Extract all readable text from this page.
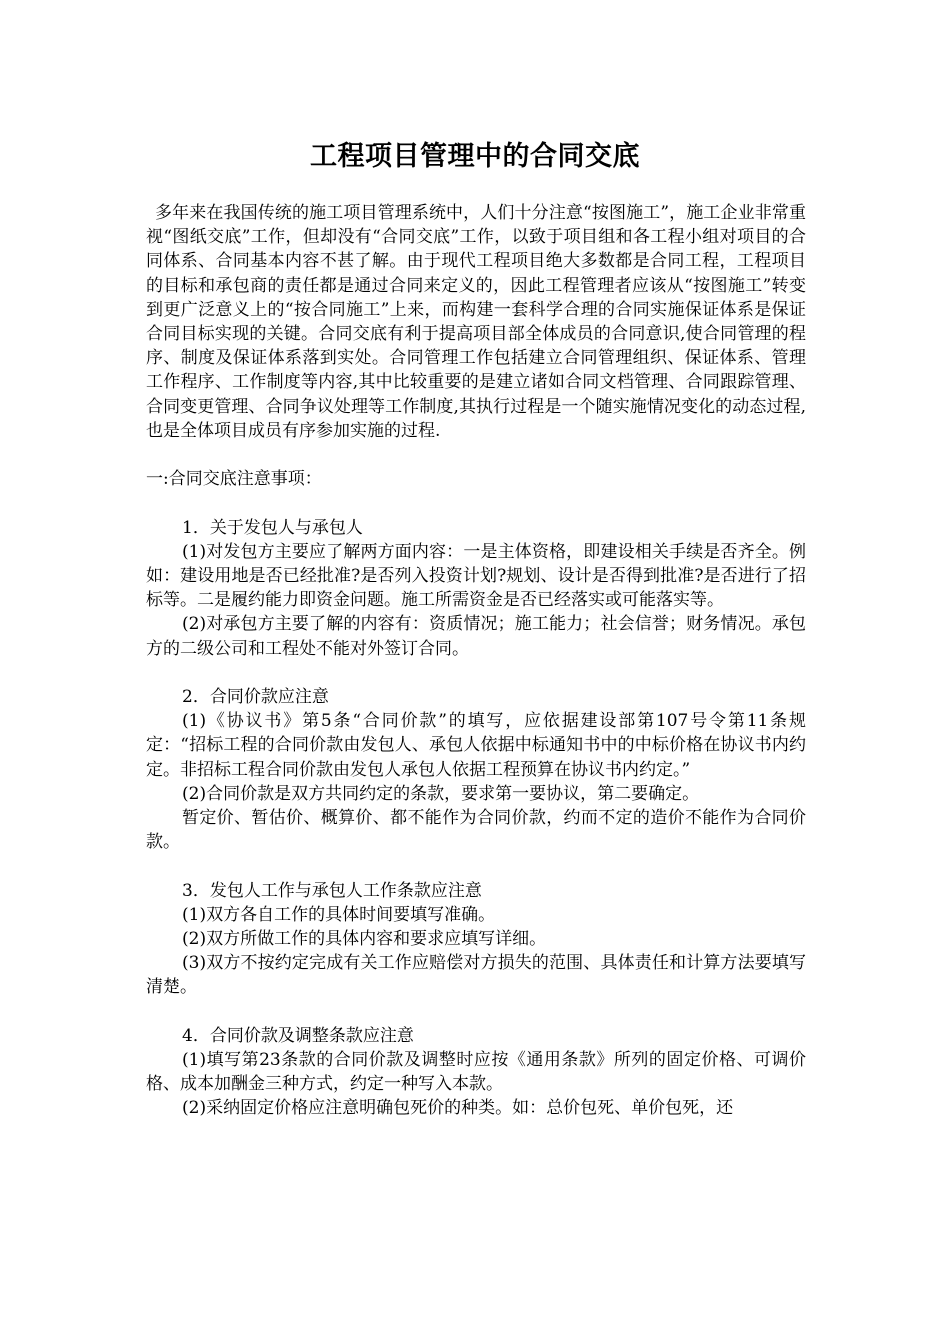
工程项目管理中的合同交底

多年来在我国传统的施工项目管理系统中，人们十分注意“按图施工”，施工企业非常重视“图纸交底”工作，但却没有“合同交底”工作，以致于项目组和各工程小组对项目的合同体系、合同基本内容不甚了解。由于现代工程项目绝大多数都是合同工程，工程项目的目标和承包商的责任都是通过合同来定义的，因此工程管理者应该从“按图施工”转变到更广泛意义上的“按合同施工”上来，而构建一套科学合理的合同实施保证体系是保证合同目标实现的关键。合同交底有利于提高项目部全体成员的合同意识,使合同管理的程序、制度及保证体系落到实处。合同管理工作包括建立合同管理组织、保证体系、管理工作程序、工作制度等内容,其中比较重要的是建立诸如合同文档管理、合同跟踪管理、合同变更管理、合同争议处理等工作制度,其执行过程是一个随实施情况变化的动态过程,也是全体项目成员有序参加实施的过程.

一:合同交底注意事项：

1．关于发包人与承包人

(1)对发包方主要应了解两方面内容：一是主体资格，即建设相关手续是否齐全。例如：建设用地是否已经批准?是否列入投资计划?规划、设计是否得到批准?是否进行了招标等。二是履约能力即资金问题。施工所需资金是否已经落实或可能落实等。

(2)对承包方主要了解的内容有：资质情况；施工能力；社会信誉；财务情况。承包方的二级公司和工程处不能对外签订合同。

2．合同价款应注意

(1)《协议书》第5条“合同价款”的填写，应依据建设部第107号令第11条规定：“招标工程的合同价款由发包人、承包人依据中标通知书中的中标价格在协议书内约定。非招标工程合同价款由发包人承包人依据工程预算在协议书内约定。”

(2)合同价款是双方共同约定的条款，要求第一要协议，第二要确定。

暂定价、暂估价、概算价、都不能作为合同价款，约而不定的造价不能作为合同价款。

3．发包人工作与承包人工作条款应注意

(1)双方各自工作的具体时间要填写准确。

(2)双方所做工作的具体内容和要求应填写详细。

(3)双方不按约定完成有关工作应赔偿对方损失的范围、具体责任和计算方法要填写清楚。

4．合同价款及调整条款应注意

(1)填写第23条款的合同价款及调整时应按《通用条款》所列的固定价格、可调价格、成本加酬金三种方式，约定一种写入本款。

(2)采纳固定价格应注意明确包死价的种类。如：总价包死、单价包死，还
